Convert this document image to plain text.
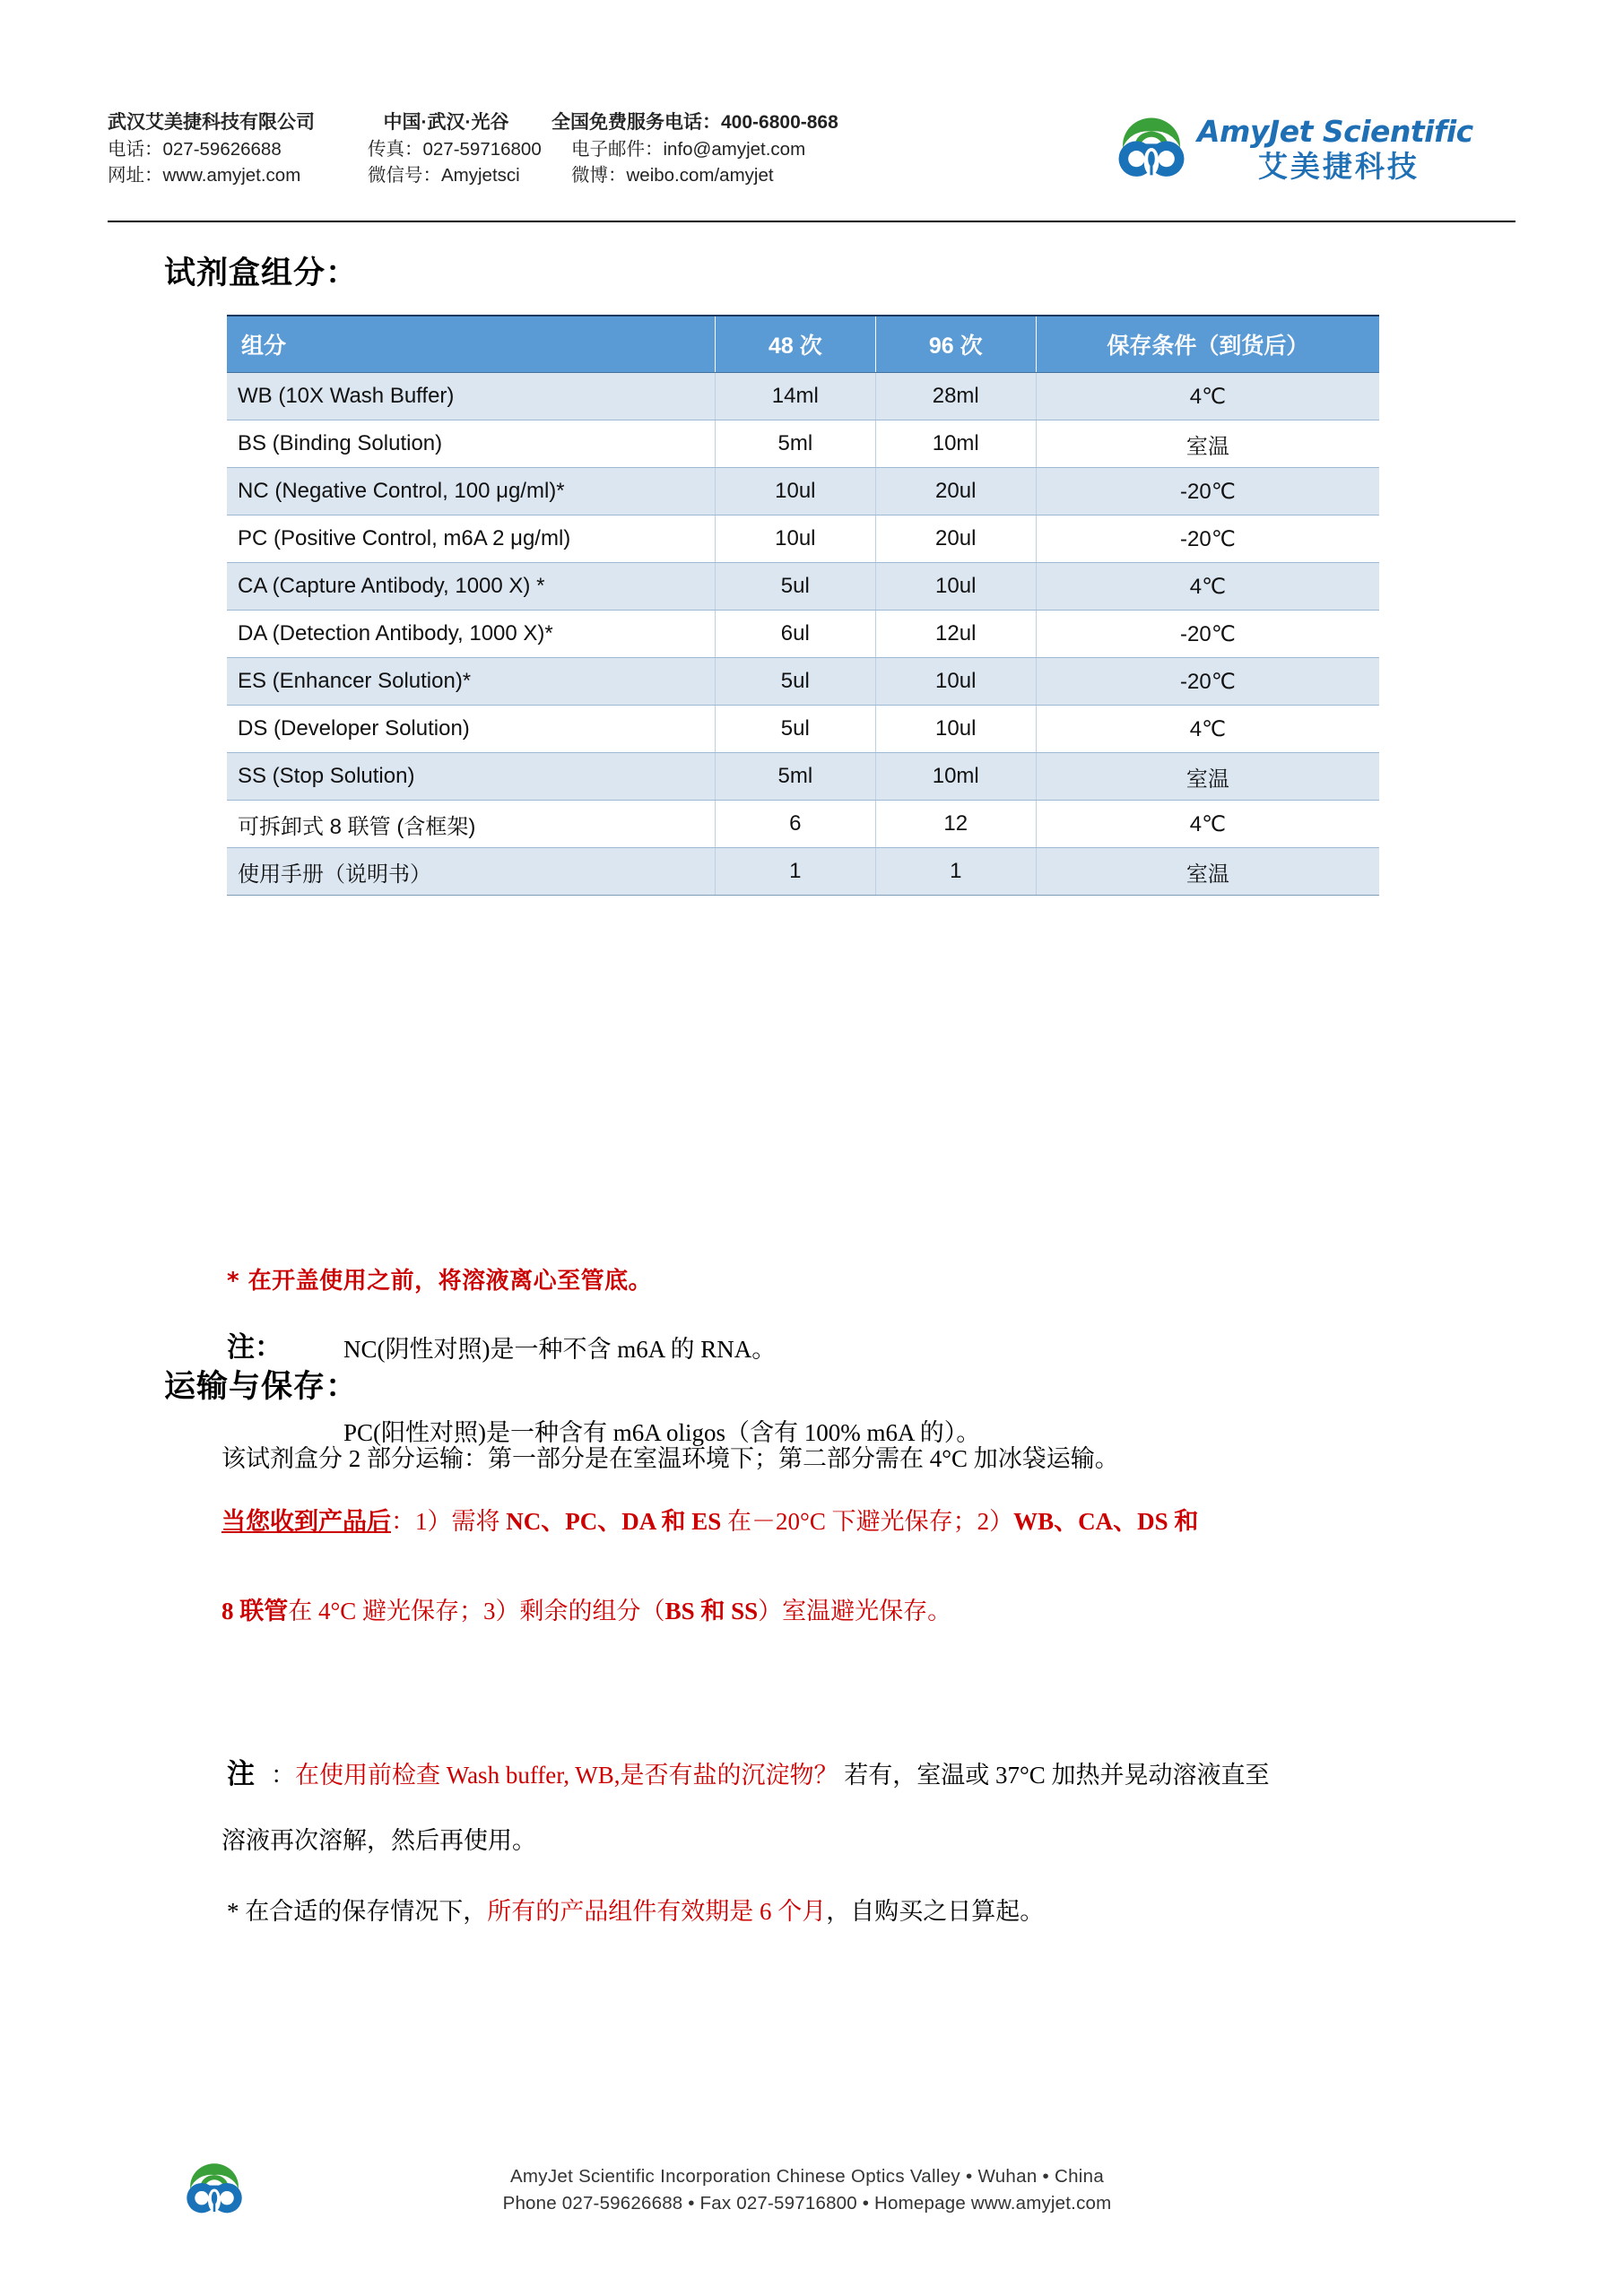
武汉艾美捷科技有限公司
电话：027-59626688
网址：www.amyjet.com
中国·武汉·光谷
传真：027-59716800
微信号：Amyjetsci
全国免费服务电话：400-6800-868
电子邮件：info@amyjet.com
微博：weibo.com/amyjet
AmyJet Scientific
艾美捷科技
试剂盒组分：
组分	48 次	96 次	保存条件（到货后）
WB (10X Wash Buffer)	14ml	28ml	4℃
BS (Binding Solution)	5ml	10ml	室温
NC (Negative Control, 100 μg/ml)*	10ul	20ul	-20℃
PC (Positive Control, m6A 2 μg/ml)	10ul	20ul	-20℃
CA (Capture Antibody, 1000 X) *	5ul	10ul	4℃
DA (Detection Antibody, 1000 X)*	6ul	12ul	-20℃
ES (Enhancer Solution)*	5ul	10ul	-20℃
DS (Developer Solution)	5ul	10ul	4℃
SS (Stop Solution)	5ml	10ml	室温
可拆卸式 8 联管 (含框架)	6	12	4℃
使用手册（说明书）	1	1	室温
* 在开盖使用之前，将溶液离心至管底。
注：	NC(阴性对照)是一种不含 m6A 的 RNA。
PC(阳性对照)是一种含有 m6A oligos（含有 100% m6A 的）。
运输与保存：
该试剂盒分 2 部分运输：第一部分是在室温环境下；第二部分需在 4°C 加冰袋运输。
当您收到产品后：1）需将 NC、PC、DA 和 ES 在－20°C 下避光保存；2）WB、CA、DS 和
8 联管在 4°C 避光保存；3）剩余的组分（BS 和 SS）室温避光保存。
注 ：在使用前检查 Wash buffer, WB,是否有盐的沉淀物？ 若有，室温或 37°C 加热并晃动溶液直至
溶液再次溶解，然后再使用。
* 在合适的保存情况下，所有的产品组件有效期是 6 个月，自购买之日算起。
AmyJet Scientific Incorporation Chinese Optics Valley • Wuhan • China
Phone 027-59626688 • Fax 027-59716800 • Homepage www.amyjet.com
